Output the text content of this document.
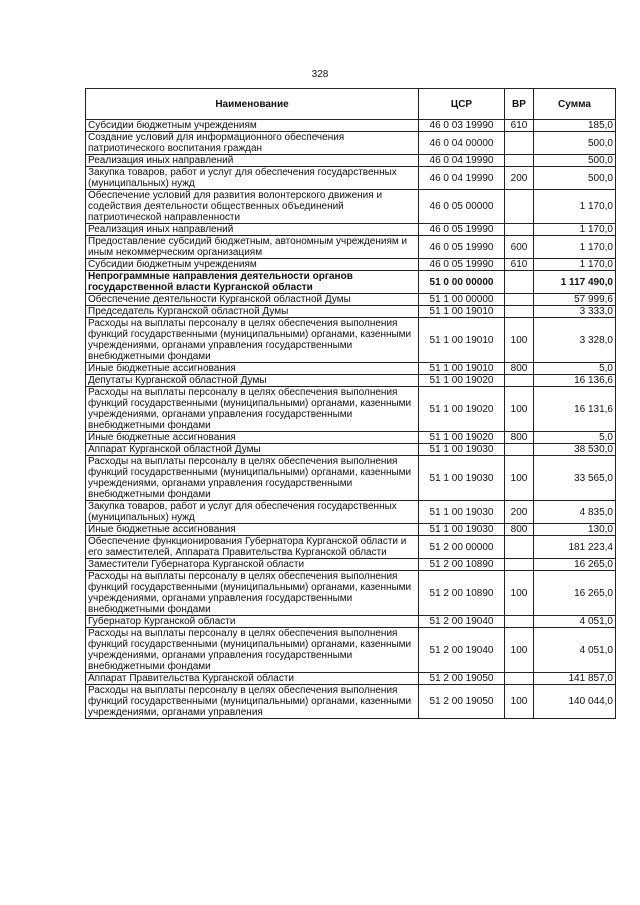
328
Наименование	ЦСР	ВР	Сумма
Субсидии бюджетным учреждениям	46 0 03 19990	610	185,0
Создание условий для информационного обеспечения патриотического воспитания граждан	46 0 04 00000		500,0
Реализация иных направлений	46 0 04 19990		500,0
Закупка товаров, работ и услуг для обеспечения государственных (муниципальных) нужд	46 0 04 19990	200	500,0
Обеспечение условий для развития волонтерского движения и содействия деятельности общественных объединений патриотической направленности	46 0 05 00000		1 170,0
Реализация иных направлений	46 0 05 19990		1 170,0
Предоставление субсидий бюджетным, автономным учреждениям и иным некоммерческим организациям	46 0 05 19990	600	1 170,0
Субсидии бюджетным учреждениям	46 0 05 19990	610	1 170,0
Непрограммные направления деятельности органов государственной власти Курганской области	51 0 00 00000		1 117 490,0
Обеспечение деятельности Курганской областной Думы	51 1 00 00000		57 999,6
Председатель Курганской областной Думы	51 1 00 19010		3 333,0
Расходы на выплаты персоналу в целях обеспечения выполнения функций государственными (муниципальными) органами, казенными учреждениями, органами управления государственными внебюджетными фондами	51 1 00 19010	100	3 328,0
Иные бюджетные ассигнования	51 1 00 19010	800	5,0
Депутаты Курганской областной Думы	51 1 00 19020		16 136,6
Расходы на выплаты персоналу в целях обеспечения выполнения функций государственными (муниципальными) органами, казенными учреждениями, органами управления государственными внебюджетными фондами	51 1 00 19020	100	16 131,6
Иные бюджетные ассигнования	51 1 00 19020	800	5,0
Аппарат Курганской областной Думы	51 1 00 19030		38 530,0
Расходы на выплаты персоналу в целях обеспечения выполнения функций государственными (муниципальными) органами, казенными учреждениями, органами управления государственными внебюджетными фондами	51 1 00 19030	100	33 565,0
Закупка товаров, работ и услуг для обеспечения государственных (муниципальных) нужд	51 1 00 19030	200	4 835,0
Иные бюджетные ассигнования	51 1 00 19030	800	130,0
Обеспечение функционирования Губернатора Курганской области и его заместителей, Аппарата Правительства Курганской области	51 2 00 00000		181 223,4
Заместители Губернатора Курганской области	51 2 00 10890		16 265,0
Расходы на выплаты персоналу в целях обеспечения выполнения функций государственными (муниципальными) органами, казенными учреждениями, органами управления государственными внебюджетными фондами	51 2 00 10890	100	16 265,0
Губернатор Курганской области	51 2 00 19040		4 051,0
Расходы на выплаты персоналу в целях обеспечения выполнения функций государственными (муниципальными) органами, казенными учреждениями, органами управления государственными внебюджетными фондами	51 2 00 19040	100	4 051,0
Аппарат Правительства Курганской области	51 2 00 19050		141 857,0
Расходы на выплаты персоналу в целях обеспечения выполнения функций государственными (муниципальными) органами, казенными учреждениями, органами управления	51 2 00 19050	100	140 044,0
